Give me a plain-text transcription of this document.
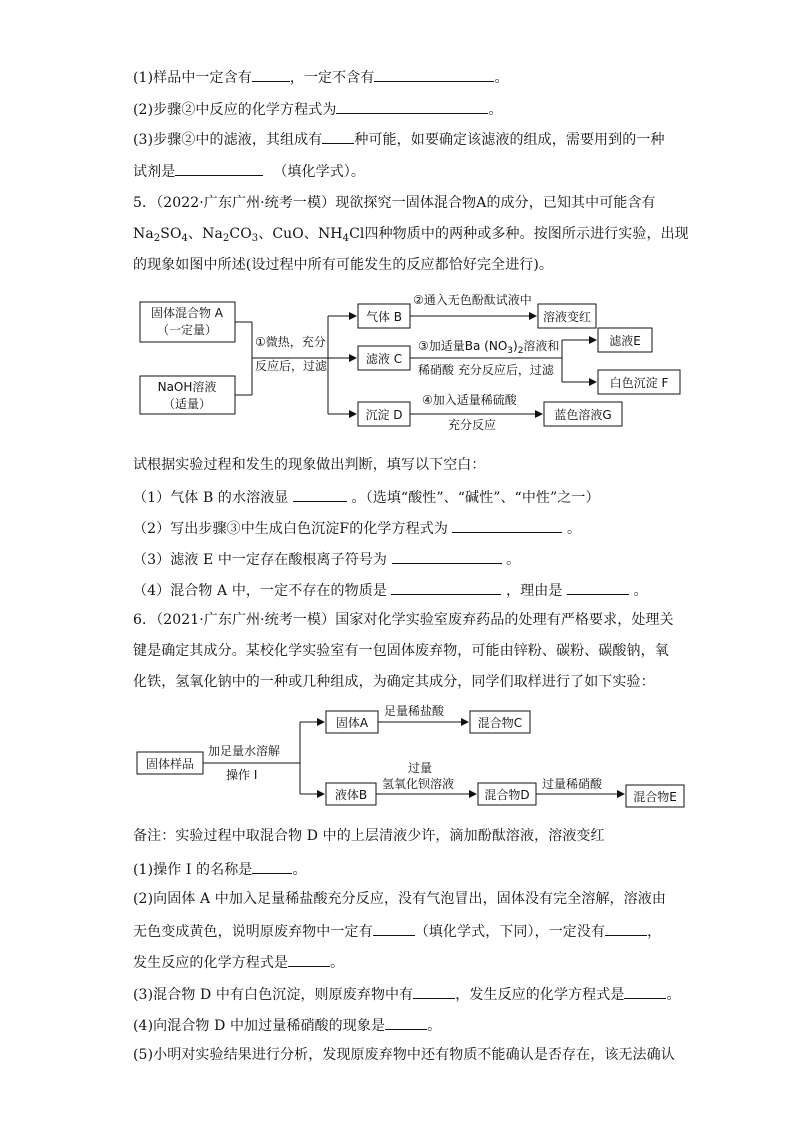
(1)样品中一定含有	，一定不含有	。
(2)步骤②中反应的化学方程式为	。
(3)步骤②中的滤液，其组成有 种可能，如要确定该滤液的组成，需要用到的一种
试剂是	（填化学式）。
5．（2022·广东广州·统考一模）现欲探究一固体混合物A的成分，已知其中可能含有
$Na_2SO_4$、$Na_2CO_3$、CuO、$NH_4Cl$四种物质中的两种或多种。按图所示进行实验，出现
的现象如图中所述(设过程中所有可能发生的反应都恰好完全进行)。
固体混合物 A
（一定量）
NaOH溶液
（适量）
①微热，充分
反应后，过滤
气体 B
滤液 C
沉淀 D
②通入无色酚酞试液中
溶液变红
③加适量Ba $(NO_3)_2$溶液和
稀硝酸 充分反应后，过滤
滤液E
白色沉淀 F
④加入适量稀硫酸
充分反应
蓝色溶液G
试根据实验过程和发生的现象做出判断，填写以下空白：
（1）气体 B 的水溶液显	。（选填“酸性”、“碱性”、“中性”之一）
（2）写出步骤③中生成白色沉淀F的化学方程式为	。
（3）滤液 E 中一定存在酸根离子符号为	。
（4）混合物 A 中，一定不存在的物质是	，理由是	。
6．（2021·广东广州·统考一模）国家对化学实验室废弃药品的处理有严格要求，处理关
键是确定其成分。某校化学实验室有一包固体废弃物，可能由锌粉、碳粉、碳酸钠，氧
化铁，氢氧化钠中的一种或几种组成，为确定其成分，同学们取样进行了如下实验：
固体样品
加足量水溶解
操作 I
固体A
足量稀盐酸
混合物C
液体B
过量
氢氧化钡溶液
混合物D
过量稀硝酸
混合物E
备注：实验过程中取混合物 D 中的上层清液少许，滴加酚酞溶液，溶液变红
(1)操作 I 的名称是	。
(2)向固体 A 中加入足量稀盐酸充分反应，没有气泡冒出，固体没有完全溶解，溶液由
无色变成黄色，说明原废弃物中一定有	（填化学式，下同），一定没有	，
发生反应的化学方程式是	。
(3)混合物 D 中有白色沉淀，则原废弃物中有	，发生反应的化学方程式是	。
(4)向混合物 D 中加过量稀硝酸的现象是	。
(5)小明对实验结果进行分析，发现原废弃物中还有物质不能确认是否存在，该无法确认
